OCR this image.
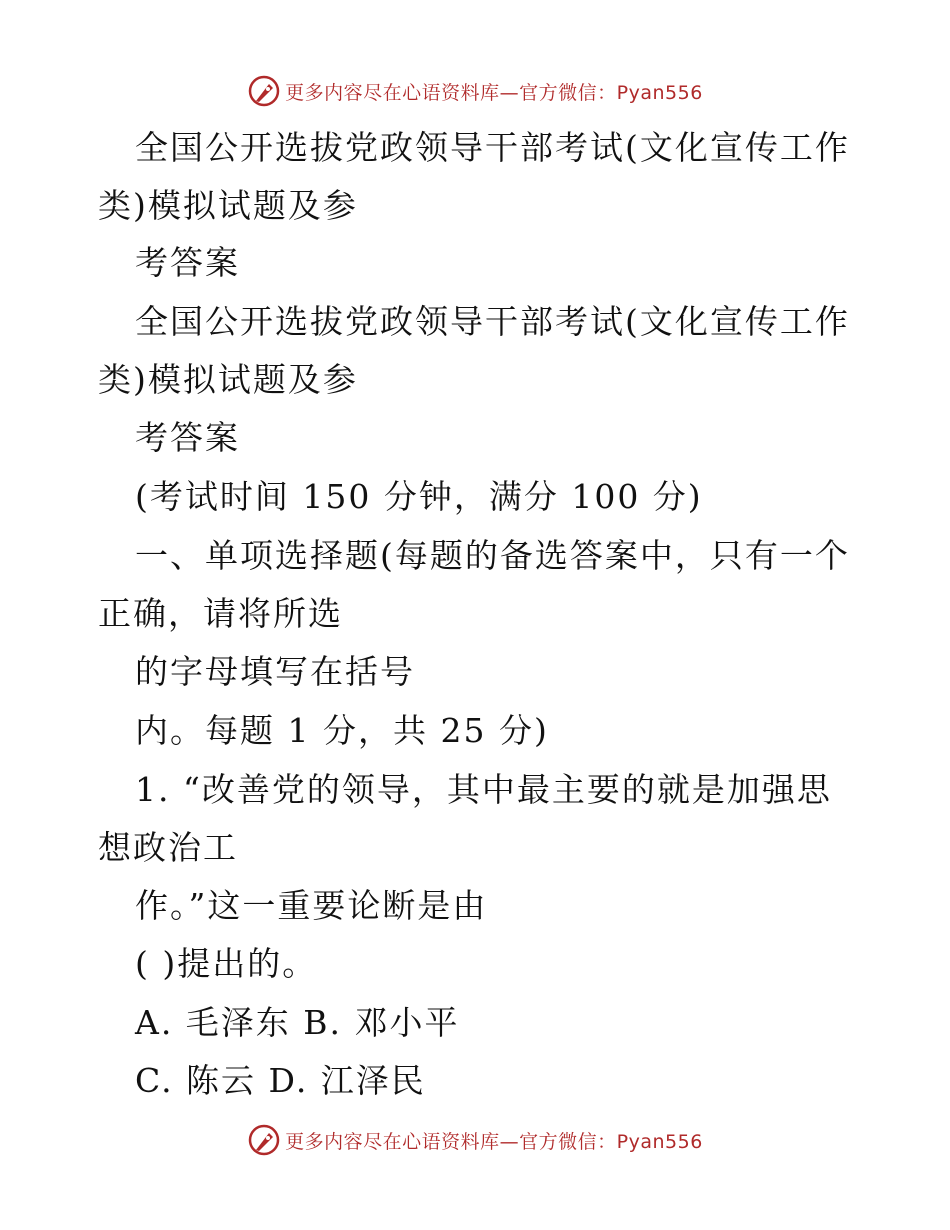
更多内容尽在心语资料库—官方微信：Pyan556
全国公开选拔党政领导干部考试(文化宣传工作
类)模拟试题及参
考答案
全国公开选拔党政领导干部考试(文化宣传工作
类)模拟试题及参
考答案
(考试时间 150 分钟，满分 100 分)
一、单项选择题(每题的备选答案中，只有一个
正确，请将所选
的字母填写在括号
内。每题 1 分，共 25 分)
1. “改善党的领导，其中最主要的就是加强思
想政治工
作。”这一重要论断是由
( )提出的。
A. 毛泽东 B. 邓小平
C. 陈云 D. 江泽民
更多内容尽在心语资料库—官方微信：Pyan556
